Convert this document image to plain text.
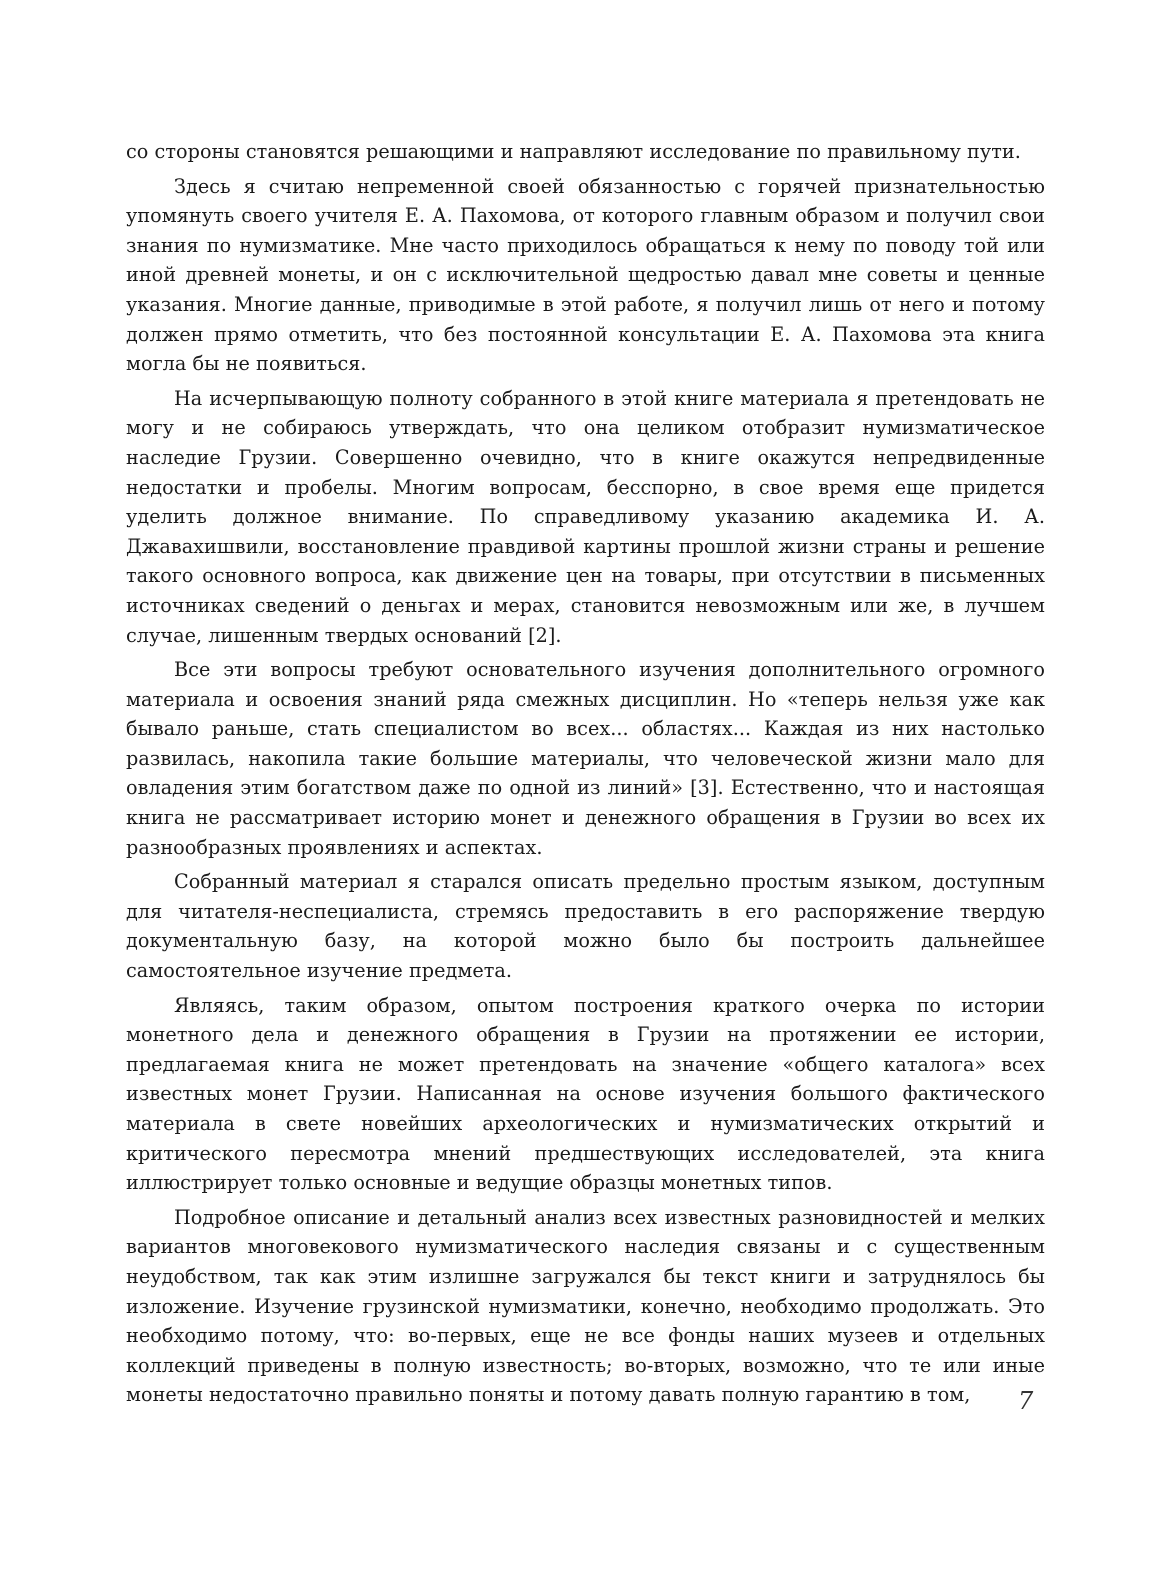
со стороны становятся решающими и направляют исследование по правильному пути.

Здесь я считаю непременной своей обязанностью с горячей признательностью упомянуть своего учителя Е. А. Пахомова, от которого главным образом и получил свои знания по нумизматике. Мне часто приходилось обращаться к нему по поводу той или иной древней монеты, и он с исключительной щедростью давал мне советы и ценные указания. Многие данные, приводимые в этой работе, я получил лишь от него и потому должен прямо отметить, что без постоянной консультации Е. А. Пахомова эта книга могла бы не появиться.

На исчерпывающую полноту собранного в этой книге материала я претендовать не могу и не собираюсь утверждать, что она целиком отобразит нумизматическое наследие Грузии. Совершенно очевидно, что в книге окажутся непредвиденные недостатки и пробелы. Многим вопросам, бесспорно, в свое время еще придется уделить должное внимание. По справедливому указанию академика И. А. Джавахишвили, восстановление правдивой картины прошлой жизни страны и решение такого основного вопроса, как движение цен на товары, при отсутствии в письменных источниках сведений о деньгах и мерах, становится невозможным или же, в лучшем случае, лишенным твердых оснований [2].

Все эти вопросы требуют основательного изучения дополнительного огромного материала и освоения знаний ряда смежных дисциплин. Но «теперь нельзя уже как бывало раньше, стать специалистом во всех... областях... Каждая из них настолько развилась, накопила такие большие материалы, что человеческой жизни мало для овладения этим богатством даже по одной из линий» [3]. Естественно, что и настоящая книга не рассматривает историю монет и денежного обращения в Грузии во всех их разнообразных проявлениях и аспектах.

Собранный материал я старался описать предельно простым языком, доступным для читателя-неспециалиста, стремясь предоставить в его распоряжение твердую документальную базу, на которой можно было бы построить дальнейшее самостоятельное изучение предмета.

Являясь, таким образом, опытом построения краткого очерка по истории монетного дела и денежного обращения в Грузии на протяжении ее истории, предлагаемая книга не может претендовать на значение «общего каталога» всех известных монет Грузии. Написанная на основе изучения большого фактического материала в свете новейших археологических и нумизматических открытий и критического пересмотра мнений предшествующих исследователей, эта книга иллюстрирует только основные и ведущие образцы монетных типов.

Подробное описание и детальный анализ всех известных разновидностей и мелких вариантов многовекового нумизматического наследия связаны и с существенным неудобством, так как этим излишне загружался бы текст книги и затруднялось бы изложение. Изучение грузинской нумизматики, конечно, необходимо продолжать. Это необходимо потому, что: во-первых, еще не все фонды наших музеев и отдельных коллекций приведены в полную известность; во-вторых, возможно, что те или иные монеты недостаточно правильно поняты и потому давать полную гарантию в том,	7
